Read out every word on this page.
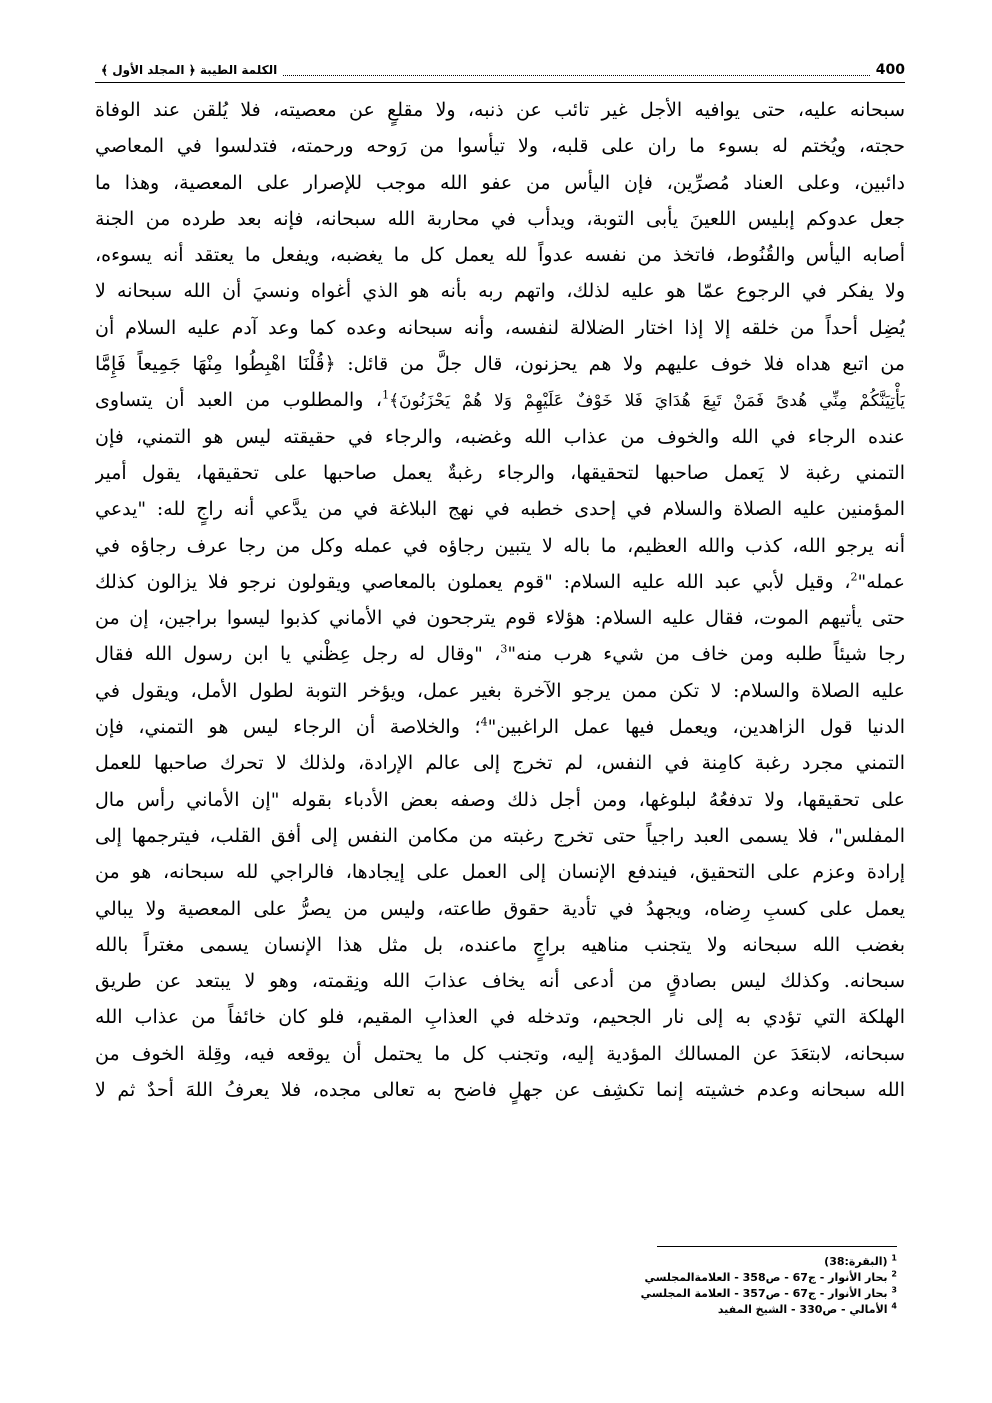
400
الكلمة الطيبة ﴿ المجلد الأول ﴾
سبحانه عليه، حتى يوافيه الأجل غير تائب عن ذنبه، ولا مقلعٍ عن معصيته، فلا يُلقن عند الوفاة
حجته، ويُختم له بسوء ما ران على قلبه، ولا تيأسوا من رَوحه ورحمته، فتدلسوا في المعاصي
دائبين، وعلى العناد مُصرِّين، فإن اليأس من عفو الله موجب للإصرار على المعصية، وهذا ما
جعل عدوكم إبليس اللعينَ يأبى التوبة، ويدأب في محاربة الله سبحانه، فإنه بعد طرده من الجنة
أصابه اليأس والقُنُوط، فاتخذ من نفسه عدواً لله يعمل كل ما يغضبه، ويفعل ما يعتقد أنه يسوءه،
ولا يفكر في الرجوع عمّا هو عليه لذلك، واتهم ربه بأنه هو الذي أغواه ونسيَ أن الله سبحانه لا
يُضِل أحداً من خلقه إلا إذا اختار الضلالة لنفسه، وأنه سبحانه وعده كما وعد آدم عليه السلام أن
من اتبع هداه فلا خوف عليهم ولا هم يحزنون، قال جلَّ من قائل: ﴿قُلْنَا اهْبِطُوا مِنْهَا جَمِيعاً فَإِمَّا
يَأْتِيَنَّكُمْ مِنِّي هُدىً فَمَنْ تَبِعَ هُدَايَ فَلا خَوْفٌ عَلَيْهِمْ وَلا هُمْ يَحْزَنُونَ﴾$^1$، والمطلوب من العبد أن يتساوى
عنده الرجاء في الله والخوف من عذاب الله وغضبه، والرجاء في حقيقته ليس هو التمني، فإن
التمني رغبة لا يَعمل صاحبها لتحقيقها، والرجاء رغبةٌ يعمل صاحبها على تحقيقها، يقول أمير
المؤمنين عليه الصلاة والسلام في إحدى خطبه في نهج البلاغة في من يدَّعي أنه راجٍ لله: "يدعي
أنه يرجو الله، كذب والله العظيم، ما باله لا يتبين رجاؤه في عمله وكل من رجا عرف رجاؤه في
عمله"$^2$، وقيل لأبي عبد الله عليه السلام: "قوم يعملون بالمعاصي ويقولون نرجو فلا يزالون كذلك
حتى يأتيهم الموت، فقال عليه السلام: هؤلاء قوم يترجحون في الأماني كذبوا ليسوا براجين، إن من
رجا شيئاً طلبه ومن خاف من شيء هرب منه"$^3$، "وقال له رجل عِظْني يا ابن رسول الله فقال
عليه الصلاة والسلام: لا تكن ممن يرجو الآخرة بغير عمل، ويؤخر التوبة لطول الأمل، ويقول في
الدنيا قول الزاهدين، ويعمل فيها عمل الراغبين"$^4$؛ والخلاصة أن الرجاء ليس هو التمني، فإن
التمني مجرد رغبة كامِنة في النفس، لم تخرج إلى عالم الإرادة، ولذلك لا تحرك صاحبها للعمل
على تحقيقها، ولا تدفعُهُ لبلوغها، ومن أجل ذلك وصفه بعض الأدباء بقوله "إن الأماني رأس مال
المفلس"، فلا يسمى العبد راجياً حتى تخرج رغبته من مكامن النفس إلى أفق القلب، فيترجمها إلى
إرادة وعزم على التحقيق، فيندفع الإنسان إلى العمل على إيجادها، فالراجي لله سبحانه، هو من
يعمل على كسبِ رِضاه، ويجهدُ في تأدية حقوق طاعته، وليس من يصرُّ على المعصية ولا يبالي
بغضب الله سبحانه ولا يتجنب مناهيه براجٍ ماعنده، بل مثل هذا الإنسان يسمى مغتراً بالله
سبحانه. وكذلك ليس بصادقٍ من أدعى أنه يخاف عذابَ الله ونِقمته، وهو لا يبتعد عن طريق
الهلكة التي تؤدي به إلى نار الجحيم، وتدخله في العذابِ المقيم، فلو كان خائفاً من عذاب الله
سبحانه، لابتعَدَ عن المسالك المؤدية إليه، وتجنب كل ما يحتمل أن يوقعه فيه، وقِلة الخوف من
الله سبحانه وعدم خشيته إنما تكشِف عن جهلٍ فاضح به تعالى مجده، فلا يعرفُ اللهَ أحدٌ ثم لا
$^1$ (البقرة:38)
$^2$ بحار الأنوار - ج67 - ص358 - العلامةالمجلسي
$^3$ بحار الأنوار - ج67 - ص357 - العلامة المجلسي
$^4$ الأمالي - ص330 - الشيخ المفيد
